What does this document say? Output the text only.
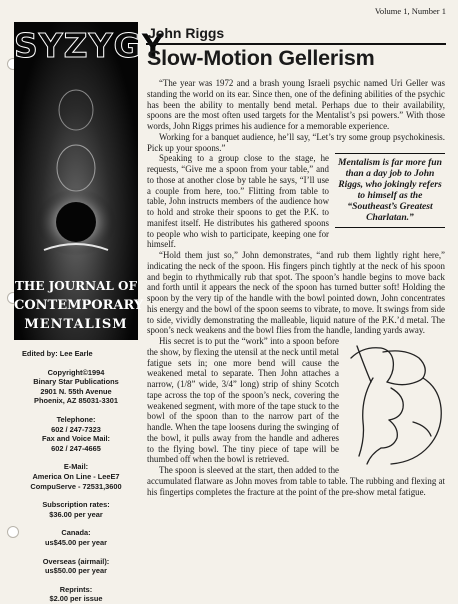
Volume 1, Number 1
SYZYGY
THE JOURNAL OF
CONTEMPORARY
MENTALISM
Edited by: Lee Earle
Copyright©1994
Binary Star Publications
2901 N. 55th Avenue
Phoenix, AZ 85031-3301
Telephone:
602 / 247-7323
Fax and Voice Mail:
602 / 247-4665
E-Mail:
America On Line - LeeE7
CompuServe - 72531,3600
Subscription rates:
$36.00 per year
Canada:
us$45.00 per year
Overseas (airmail):
us$50.00 per year
Reprints:
$2.00 per issue
John Riggs
Slow-Motion Gellerism

“The year was 1972 and a brash young Israeli psychic named Uri Geller was standing the world on its ear. Since then, one of the defining abilities of the psychic has been the ability to mentally bend metal. Perhaps due to their availability, spoons are the most often used targets for the Mentalist’s psi powers.” With those words, John Riggs primes his audience for a memorable experience.

Working for a banquet audience, he’ll say, “Let’s try some group psychokinesis. Pick up your spoons.”

Mentalism is far more fun than a day job to John Riggs, who jokingly refers to himself as the “Southeast’s Greatest Charlatan.”

Speaking to a group close to the stage, he requests, “Give me a spoon from your table,” and to those at another close by table he says, “I’ll use a couple from here, too.” Flitting from table to table, John instructs members of the audience how to hold and stroke their spoons to get the P.K. to manifest itself. He distributes his gathered spoons to people who wish to participate, keeping one for himself.

“Hold them just so,” John demonstrates, “and rub them lightly right here,” indicating the neck of the spoon. His fingers pinch tightly at the neck of his spoon and begin to rhythmically rub that spot. The spoon’s handle begins to move back and forth until it appears the neck of the spoon has turned butter soft! Holding the spoon by the very tip of the handle with the bowl pointed down, John concentrates his energy and the bowl of the spoon seems to vibrate, to move. It swings from side to side, vividly demonstrating the malleable, liquid nature of the P.K.’d metal. The spoon’s neck weakens and the bowl flies from the handle, landing yards away.

His secret is to put the “work” into a spoon before the show, by flexing the utensil at the neck until metal fatigue sets in; one more bend will cause the weakened metal to separate. Then John attaches a narrow, (1/8” wide, 3/4” long) strip of shiny Scotch tape across the top of the spoon’s neck, covering the weakened segment, with more of the tape stuck to the bowl of the spoon than to the narrow part of the handle. When the tape loosens during the swinging of the bowl, it pulls away from the handle and adheres to the flying bowl. The tiny piece of tape will be thumbed off when the bowl is retrieved.

The spoon is sleeved at the start, then added to the accumulated flatware as John moves from table to table. The rubbing and flexing at his fingertips completes the fracture at the point of the pre-show metal fatigue.
